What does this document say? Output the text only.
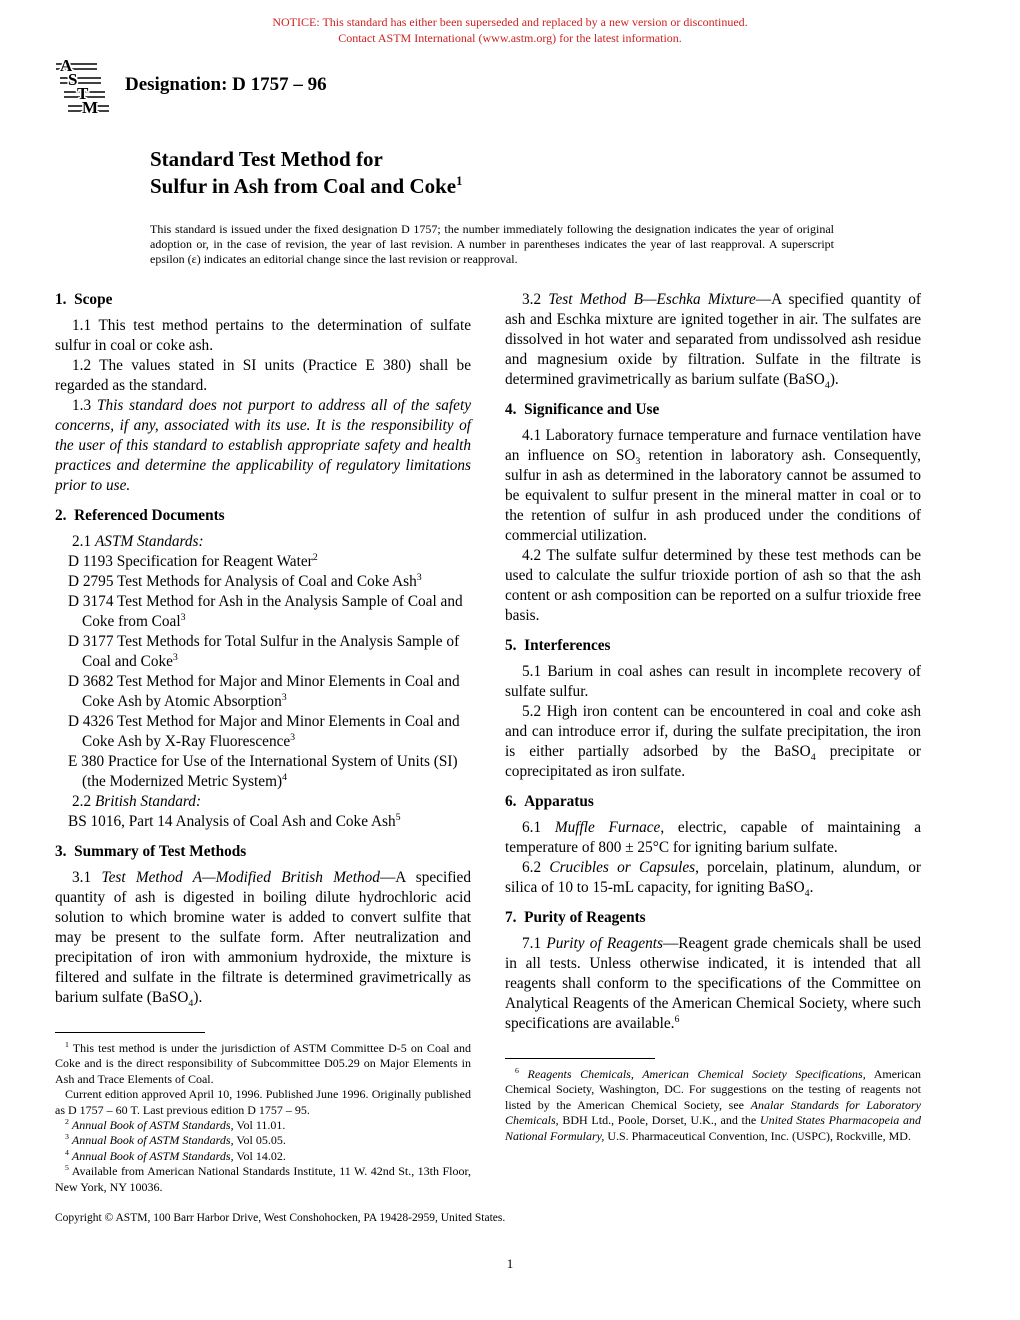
NOTICE: This standard has either been superseded and replaced by a new version or discontinued.
Contact ASTM International (www.astm.org) for the latest information.
A
S
T
M
Designation: D 1757 – 96
Standard Test Method for
Sulfur in Ash from Coal and Coke$^1$
This standard is issued under the fixed designation D 1757; the number immediately following the designation indicates the year of original adoption or, in the case of revision, the year of last revision. A number in parentheses indicates the year of last reapproval. A superscript epsilon (ε) indicates an editorial change since the last revision or reapproval.
1. Scope

1.1 This test method pertains to the determination of sulfate sulfur in coal or coke ash.

1.2 The values stated in SI units (Practice E 380) shall be regarded as the standard.

1.3 This standard does not purport to address all of the safety concerns, if any, associated with its use. It is the responsibility of the user of this standard to establish appropriate safety and health practices and determine the applicability of regulatory limitations prior to use.

2. Referenced Documents

2.1 ASTM Standards:

D 1193 Specification for Reagent Water$^2$

D 2795 Test Methods for Analysis of Coal and Coke Ash$^3$

D 3174 Test Method for Ash in the Analysis Sample of Coal and Coke from Coal$^3$

D 3177 Test Methods for Total Sulfur in the Analysis Sample of Coal and Coke$^3$

D 3682 Test Method for Major and Minor Elements in Coal and Coke Ash by Atomic Absorption$^3$

D 4326 Test Method for Major and Minor Elements in Coal and Coke Ash by X-Ray Fluorescence$^3$

E 380 Practice for Use of the International System of Units (SI) (the Modernized Metric System)$^4$

2.2 British Standard:

BS 1016, Part 14 Analysis of Coal Ash and Coke Ash$^5$

3. Summary of Test Methods

3.1 Test Method A—Modified British Method—A specified quantity of ash is digested in boiling dilute hydrochloric acid solution to which bromine water is added to convert sulfite that may be present to the sulfate form. After neutralization and precipitation of iron with ammonium hydroxide, the mixture is filtered and sulfate in the filtrate is determined gravimetrically as barium sulfate (BaSO$_4$).

$^1$ This test method is under the jurisdiction of ASTM Committee D-5 on Coal and Coke and is the direct responsibility of Subcommittee D05.29 on Major Elements in Ash and Trace Elements of Coal.

Current edition approved April 10, 1996. Published June 1996. Originally published as D 1757 – 60 T. Last previous edition D 1757 – 95.

$^2$ Annual Book of ASTM Standards, Vol 11.01.

$^3$ Annual Book of ASTM Standards, Vol 05.05.

$^4$ Annual Book of ASTM Standards, Vol 14.02.

$^5$ Available from American National Standards Institute, 11 W. 42nd St., 13th Floor, New York, NY 10036.

3.2 Test Method B—Eschka Mixture—A specified quantity of ash and Eschka mixture are ignited together in air. The sulfates are dissolved in hot water and separated from undissolved ash residue and magnesium oxide by filtration. Sulfate in the filtrate is determined gravimetrically as barium sulfate (BaSO$_4$).

4. Significance and Use

4.1 Laboratory furnace temperature and furnace ventilation have an influence on $SO_3$ retention in laboratory ash. Consequently, sulfur in ash as determined in the laboratory cannot be assumed to be equivalent to sulfur present in the mineral matter in coal or to the retention of sulfur in ash produced under the conditions of commercial utilization.

4.2 The sulfate sulfur determined by these test methods can be used to calculate the sulfur trioxide portion of ash so that the ash content or ash composition can be reported on a sulfur trioxide free basis.

5. Interferences

5.1 Barium in coal ashes can result in incomplete recovery of sulfate sulfur.

5.2 High iron content can be encountered in coal and coke ash and can introduce error if, during the sulfate precipitation, the iron is either partially adsorbed by the BaSO$_4$ precipitate or coprecipitated as iron sulfate.

6. Apparatus

6.1 Muffle Furnace, electric, capable of maintaining a temperature of 800 ± 25°C for igniting barium sulfate.

6.2 Crucibles or Capsules, porcelain, platinum, alundum, or silica of 10 to 15-mL capacity, for igniting BaSO$_4$.

7. Purity of Reagents

7.1 Purity of Reagents—Reagent grade chemicals shall be used in all tests. Unless otherwise indicated, it is intended that all reagents shall conform to the specifications of the Committee on Analytical Reagents of the American Chemical Society, where such specifications are available.$^6$

$^6$ Reagents Chemicals, American Chemical Society Specifications, American Chemical Society, Washington, DC. For suggestions on the testing of reagents not listed by the American Chemical Society, see Analar Standards for Laboratory Chemicals, BDH Ltd., Poole, Dorset, U.K., and the United States Pharmacopeia and National Formulary, U.S. Pharmaceutical Convention, Inc. (USPC), Rockville, MD.

Copyright © ASTM, 100 Barr Harbor Drive, West Conshohocken, PA 19428-2959, United States.
1
